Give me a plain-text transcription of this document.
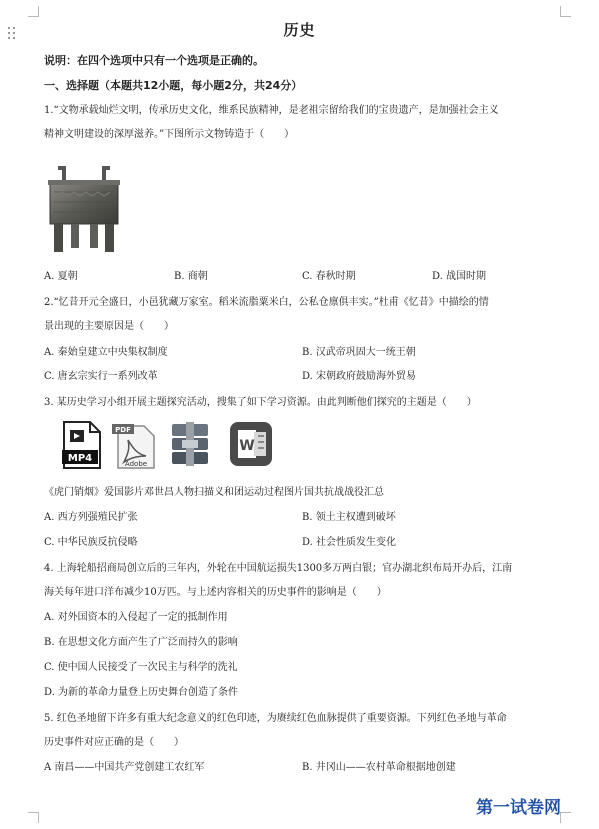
历史
说明：在四个选项中只有一个选项是正确的。
一、选择题（本题共12小题，每小题2分，共24分）
1.“文物承载灿烂文明，传承历史文化，维系民族精神，是老祖宗留给我们的宝贵遗产，是加强社会主义
精神文明建设的深厚滋养。”下图所示文物铸造于（　　）
A. 夏朝	B. 商朝	C. 春秋时期	D. 战国时期
2.“忆昔开元全盛日，小邑犹藏万家室。稻米流脂粟米白，公私仓廪俱丰实。”杜甫《忆昔》中描绘的情
景出现的主要原因是（　　）
A. 秦始皇建立中央集权制度	B. 汉武帝巩固大一统王朝
C. 唐玄宗实行一系列改革	D. 宋朝政府鼓励海外贸易
3. 某历史学习小组开展主题探究活动，搜集了如下学习资源。由此判断他们探究的主题是（　　）
MP4
PDF
Adobe
W
《虎门销烟》爱国影片邓世昌人物扫描义和团运动过程图片国共抗战战役汇总
A. 西方列强殖民扩张	B. 领土主权遭到破坏
C. 中华民族反抗侵略	D. 社会性质发生变化
4. 上海轮船招商局创立后的三年内，外轮在中国航运损失1300多万两白银；官办湖北织布局开办后，江南
海关每年进口洋布减少10万匹。与上述内容相关的历史事件的影响是（　　）
A. 对外国资本的入侵起了一定的抵制作用
B. 在思想文化方面产生了广泛而持久的影响
C. 使中国人民接受了一次民主与科学的洗礼
D. 为新的革命力量登上历史舞台创造了条件
5. 红色圣地留下许多有重大纪念意义的红色印迹，为赓续红色血脉提供了重要资源。下列红色圣地与革命
历史事件对应正确的是（　　）
A 南昌——中国共产党创建工农红军	B. 井冈山——农村革命根据地创建
第一试卷网
